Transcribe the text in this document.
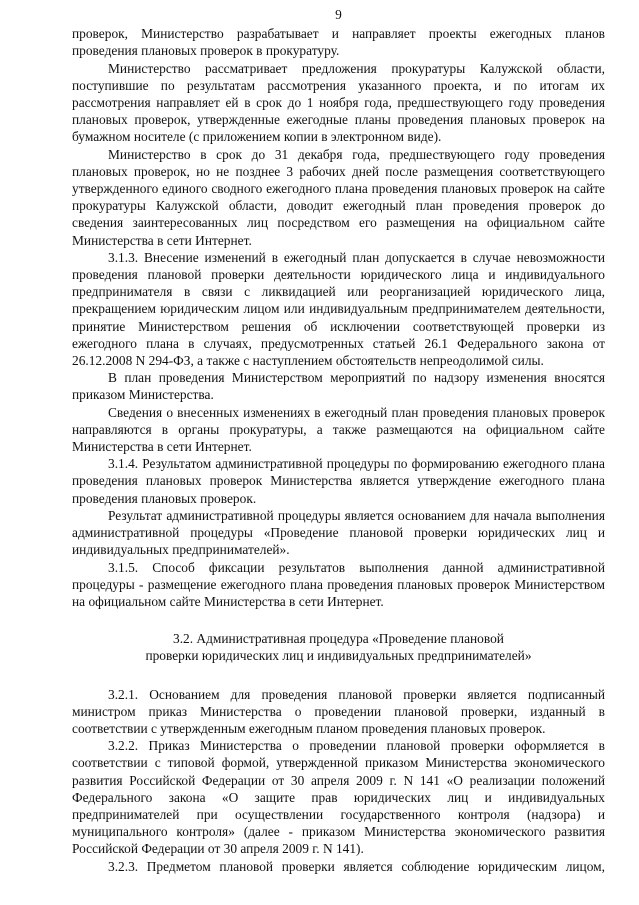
9

проверок, Министерство разрабатывает и направляет проекты ежегодных планов проведения плановых проверок в прокуратуру.

Министерство рассматривает предложения прокуратуры Калужской области, поступившие по результатам рассмотрения указанного проекта, и по итогам их рассмотрения направляет ей в срок до 1 ноября года, предшествующего году проведения плановых проверок, утвержденные ежегодные планы проведения плановых проверок на бумажном носителе (с приложением копии в электронном виде).

Министерство в срок до 31 декабря года, предшествующего году проведения плановых проверок, но не позднее 3 рабочих дней после размещения соответствующего утвержденного единого сводного ежегодного плана проведения плановых проверок на сайте прокуратуры Калужской области, доводит ежегодный план проведения проверок до сведения заинтересованных лиц посредством его размещения на официальном сайте Министерства в сети Интернет.

3.1.3. Внесение изменений в ежегодный план допускается в случае невозможности проведения плановой проверки деятельности юридического лица и индивидуального предпринимателя в связи с ликвидацией или реорганизацией юридического лица, прекращением юридическим лицом или индивидуальным предпринимателем деятельности, принятие Министерством решения об исключении соответствующей проверки из ежегодного плана в случаях, предусмотренных статьей 26.1 Федерального закона от 26.12.2008 N 294-ФЗ, а также с наступлением обстоятельств непреодолимой силы.

В план проведения Министерством мероприятий по надзору изменения вносятся приказом Министерства.

Сведения о внесенных изменениях в ежегодный план проведения плановых проверок направляются в органы прокуратуры, а также размещаются на официальном сайте Министерства в сети Интернет.

3.1.4. Результатом административной процедуры по формированию ежегодного плана проведения плановых проверок Министерства является утверждение ежегодного плана проведения плановых проверок.

Результат административной процедуры является основанием для начала выполнения административной процедуры «Проведение плановой проверки юридических лиц и индивидуальных предпринимателей».

3.1.5. Способ фиксации результатов выполнения данной административной процедуры - размещение ежегодного плана проведения плановых проверок Министерством на официальном сайте Министерства в сети Интернет.

3.2. Административная процедура «Проведение плановой
проверки юридических лиц и индивидуальных предпринимателей»

3.2.1. Основанием для проведения плановой проверки является подписанный министром приказ Министерства о проведении плановой проверки, изданный в соответствии с утвержденным ежегодным планом проведения плановых проверок.

3.2.2. Приказ Министерства о проведении плановой проверки оформляется в соответствии с типовой формой, утвержденной приказом Министерства экономического развития Российской Федерации от 30 апреля 2009 г. N 141 «О реализации положений Федерального закона «О защите прав юридических лиц и индивидуальных предпринимателей при осуществлении государственного контроля (надзора) и муниципального контроля» (далее - приказом Министерства экономического развития Российской Федерации от 30 апреля 2009 г. N 141).

3.2.3. Предметом плановой проверки является соблюдение юридическим лицом,
